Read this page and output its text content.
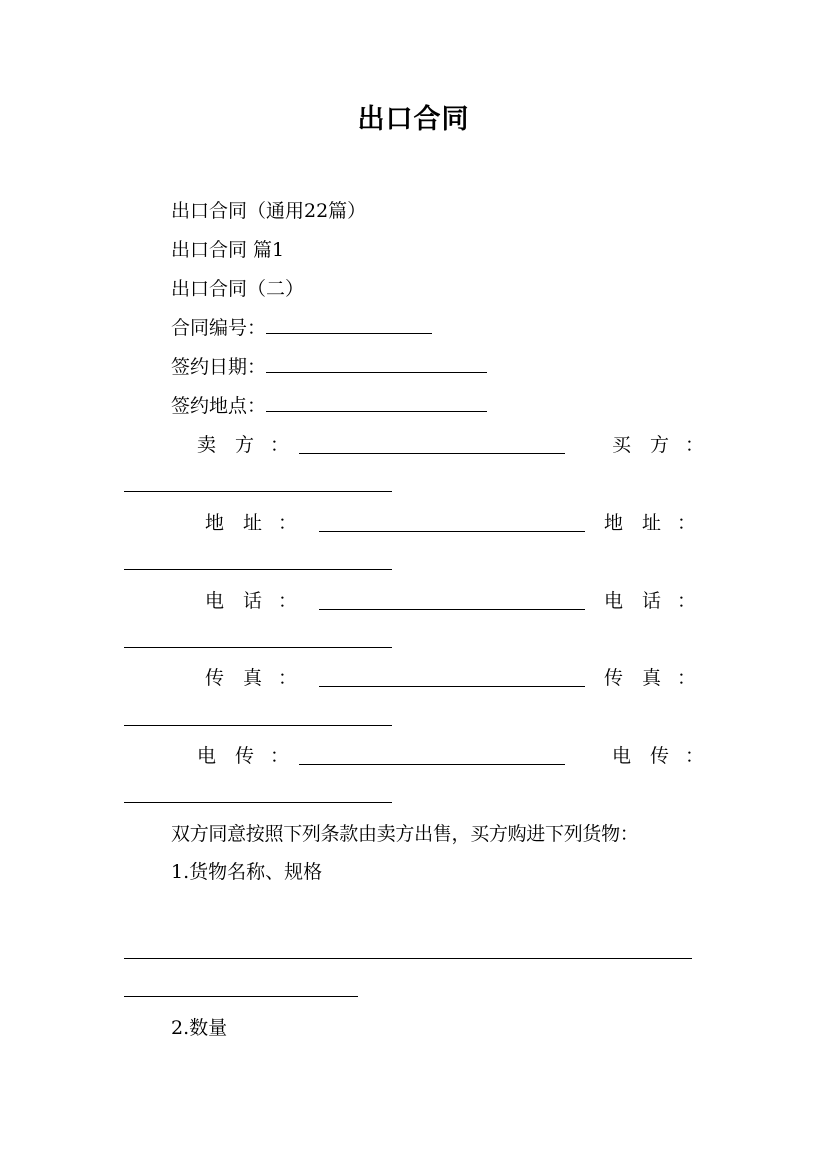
出口合同
出口合同（通用22篇）
出口合同 篇1
出口合同（二）
合同编号：
签约日期：
签约地点：
卖 方 ：	买 方 ：
地 址 ：	地 址 ：
电 话 ：	电 话 ：
传 真 ：	传 真 ：
电 传 ：	电 传 ：
双方同意按照下列条款由卖方出售，买方购进下列货物：
1.货物名称、规格
2.数量
